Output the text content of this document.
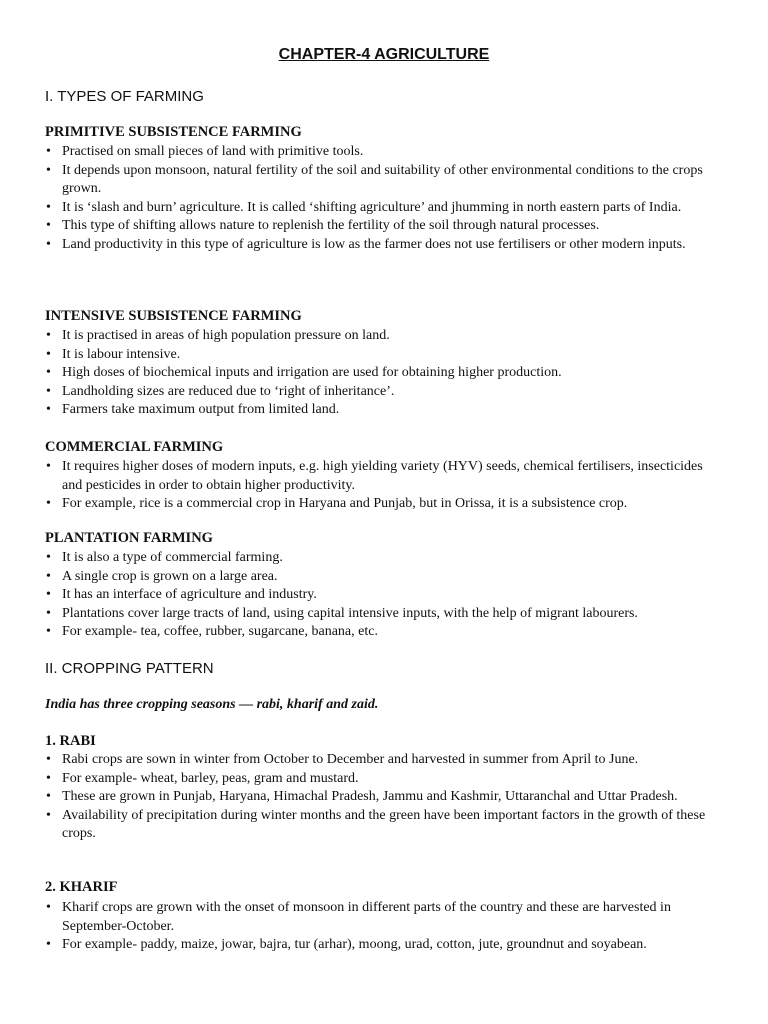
CHAPTER-4 AGRICULTURE
I. TYPES OF FARMING
PRIMITIVE SUBSISTENCE FARMING
• Practised on small pieces of land with primitive tools.
• It depends upon monsoon, natural fertility of the soil and suitability of other environmental conditions to the crops grown.
• It is ‘slash and burn’ agriculture. It is called ‘shifting agriculture’ and jhumming in north eastern parts of India.
• This type of shifting allows nature to replenish the fertility of the soil through natural processes.
• Land productivity in this type of agriculture is low as the farmer does not use fertilisers or other modern inputs.
INTENSIVE SUBSISTENCE FARMING
• It is practised in areas of high population pressure on land.
• It is labour intensive.
• High doses of biochemical inputs and irrigation are used for obtaining higher production.
• Landholding sizes are reduced due to ‘right of inheritance’.
• Farmers take maximum output from limited land.
COMMERCIAL FARMING
• It requires higher doses of modern inputs, e.g. high yielding variety (HYV) seeds, chemical fertilisers, insecticides and pesticides in order to obtain higher productivity.
• For example, rice is a commercial crop in Haryana and Punjab, but in Orissa, it is a subsistence crop.
PLANTATION FARMING
• It is also a type of commercial farming.
• A single crop is grown on a large area.
• It has an interface of agriculture and industry.
• Plantations cover large tracts of land, using capital intensive inputs, with the help of migrant labourers.
• For example- tea, coffee, rubber, sugarcane, banana, etc.
II. CROPPING PATTERN
India has three cropping seasons — rabi, kharif and zaid.
1. RABI
• Rabi crops are sown in winter from October to December and harvested in summer from April to June.
• For example- wheat, barley, peas, gram and mustard.
• These are grown in Punjab, Haryana, Himachal Pradesh, Jammu and Kashmir, Uttaranchal and Uttar Pradesh.
• Availability of precipitation during winter months and the green have been important factors in the growth of these crops.
2. KHARIF
• Kharif crops are grown with the onset of monsoon in different parts of the country and these are harvested in September-October.
• For example- paddy, maize, jowar, bajra, tur (arhar), moong, urad, cotton, jute, groundnut and soyabean.
